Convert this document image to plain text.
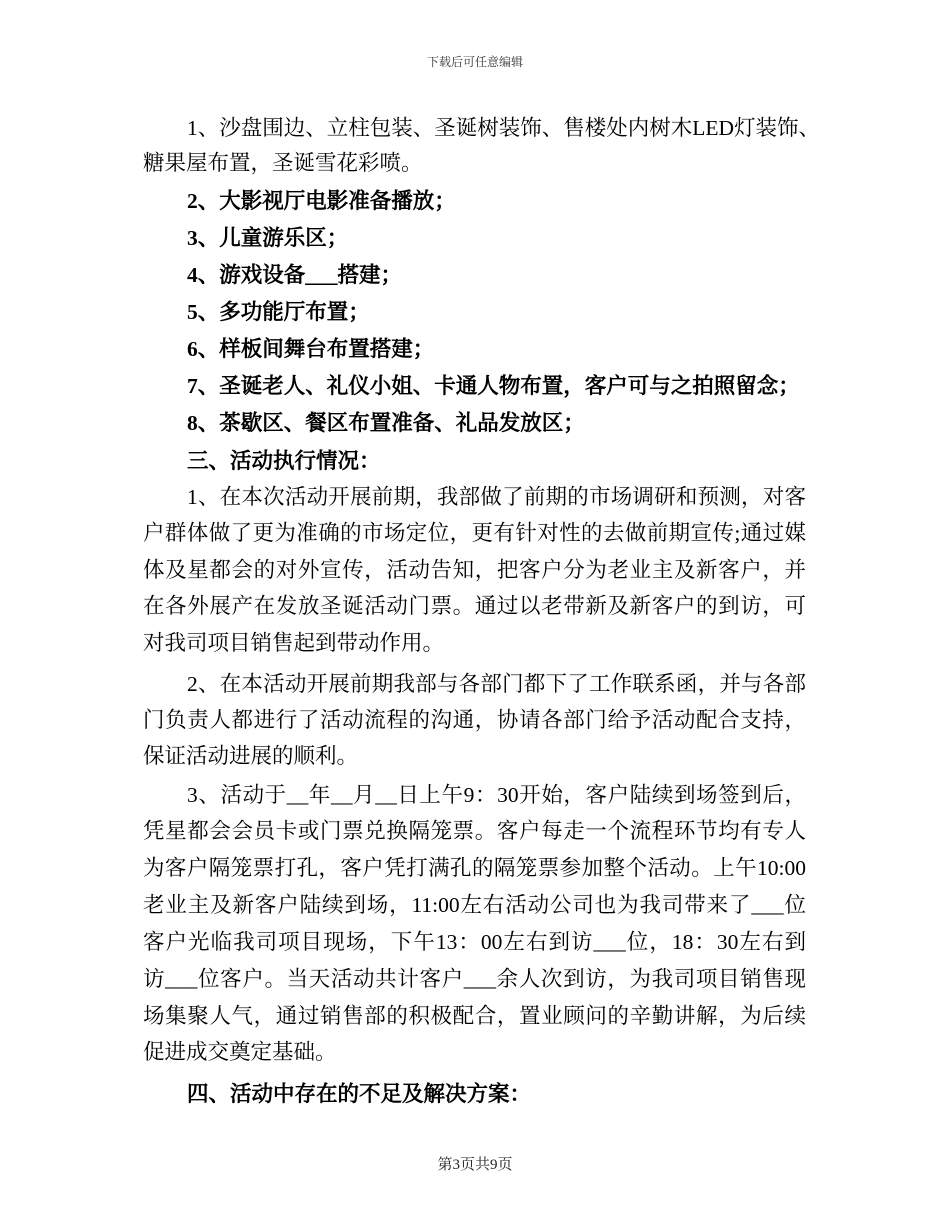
下载后可任意编辑
1、沙盘围边、立柱包装、圣诞树装饰、售楼处内树木LED灯装饰、
糖果屋布置，圣诞雪花彩喷。
2、大影视厅电影准备播放；
3、儿童游乐区；
4、游戏设备___搭建；
5、多功能厅布置；
6、样板间舞台布置搭建；
7、圣诞老人、礼仪小姐、卡通人物布置，客户可与之拍照留念；
8、茶歇区、餐区布置准备、礼品发放区；
三、活动执行情况：
1、在本次活动开展前期，我部做了前期的市场调研和预测，对客
户群体做了更为准确的市场定位，更有针对性的去做前期宣传;通过媒
体及星都会的对外宣传，活动告知，把客户分为老业主及新客户，并
在各外展产在发放圣诞活动门票。通过以老带新及新客户的到访，可
对我司项目销售起到带动作用。
2、在本活动开展前期我部与各部门都下了工作联系函，并与各部
门负责人都进行了活动流程的沟通，协请各部门给予活动配合支持，
保证活动进展的顺利。
3、活动于__年__月__日上午9：30开始，客户陆续到场签到后，
凭星都会会员卡或门票兑换隔笼票。客户每走一个流程环节均有专人
为客户隔笼票打孔，客户凭打满孔的隔笼票参加整个活动。上午10:00
老业主及新客户陆续到场，11:00左右活动公司也为我司带来了___位
客户光临我司项目现场，下午13：00左右到访___位，18：30左右到
访___位客户。当天活动共计客户___余人次到访，为我司项目销售现
场集聚人气，通过销售部的积极配合，置业顾问的辛勤讲解，为后续
促进成交奠定基础。
四、活动中存在的不足及解决方案：
第3页共9页
